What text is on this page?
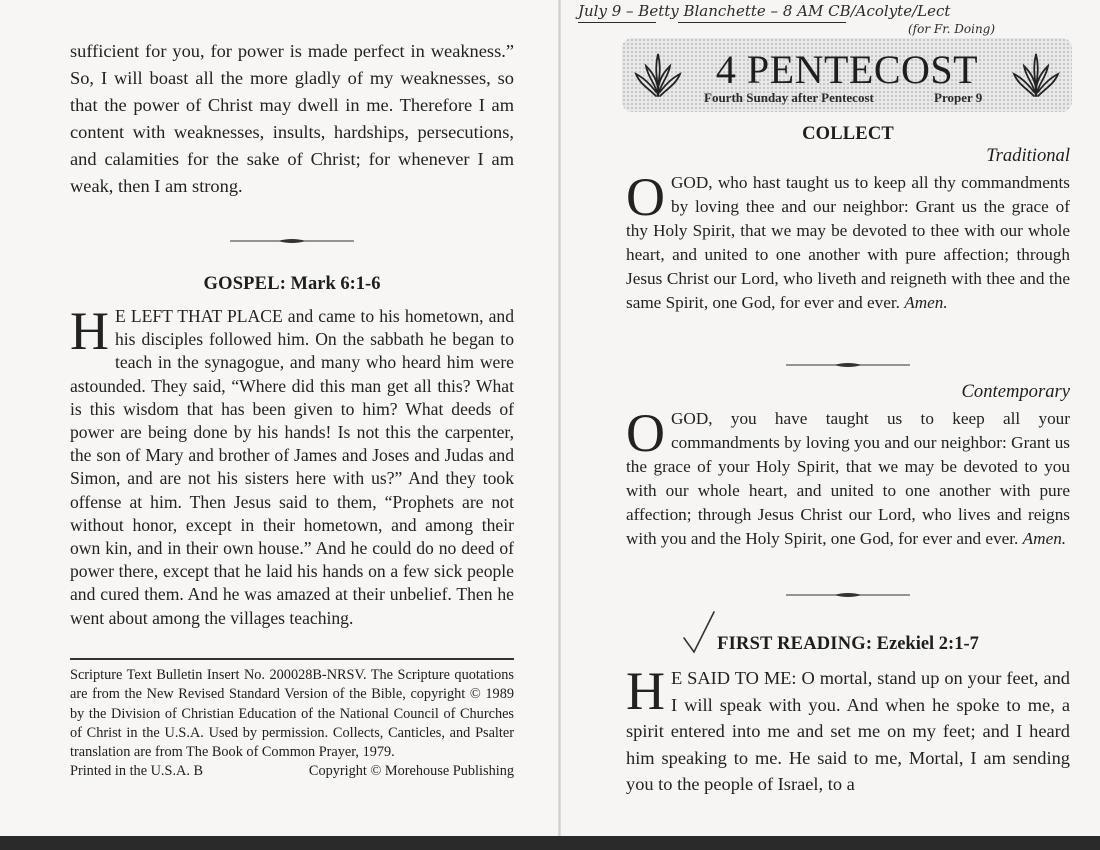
sufficient for you, for power is made perfect in weakness.” So, I will boast all the more gladly of my weaknesses, so that the power of Christ may dwell in me. Therefore I am content with weaknesses, insults, hardships, persecutions, and calamities for the sake of Christ; for whenever I am weak, then I am strong.

GOSPEL: Mark 6:1-6

H E LEFT THAT PLACE and came to his hometown, and his disciples followed him. On the sabbath he began to teach in the synagogue, and many who heard him were astounded. They said, “Where did this man get all this? What is this wisdom that has been given to him? What deeds of power are being done by his hands! Is not this the carpenter, the son of Mary and brother of James and Joses and Judas and Simon, and are not his sisters here with us?” And they took offense at him. Then Jesus said to them, “Prophets are not without honor, except in their hometown, and among their own kin, and in their own house.” And he could do no deed of power there, except that he laid his hands on a few sick people and cured them. And he was amazed at their unbelief. Then he went about among the villages teaching.

Scripture Text Bulletin Insert No. 200028B-NRSV. The Scripture quotations are from the New Revised Standard Version of the Bible, copyright © 1989 by the Division of Christian Education of the National Council of Churches of Christ in the U.S.A. Used by permission. Collects, Canticles, and Psalter translation are from The Book of Common Prayer, 1979.
Printed in the U.S.A. B	Copyright © Morehouse Publishing
July 9 – Betty Blanchette – 8 AM CB/Acolyte/Lect
(for Fr. Doing)
4 PENTECOST
Fourth Sunday after Pentecost	Proper 9
COLLECT

Traditional

O GOD, who hast taught us to keep all thy commandments by loving thee and our neighbor: Grant us the grace of thy Holy Spirit, that we may be devoted to thee with our whole heart, and united to one another with pure affection; through Jesus Christ our Lord, who liveth and reigneth with thee and the same Spirit, one God, for ever and ever. Amen.

Contemporary

O GOD, you have taught us to keep all your commandments by loving you and our neighbor: Grant us the grace of your Holy Spirit, that we may be devoted to you with our whole heart, and united to one another with pure affection; through Jesus Christ our Lord, who lives and reigns with you and the Holy Spirit, one God, for ever and ever. Amen.

FIRST READING: Ezekiel 2:1-7

H E SAID TO ME: O mortal, stand up on your feet, and I will speak with you. And when he spoke to me, a spirit entered into me and set me on my feet; and I heard him speaking to me. He said to me, Mortal, I am sending you to the people of Israel, to a
